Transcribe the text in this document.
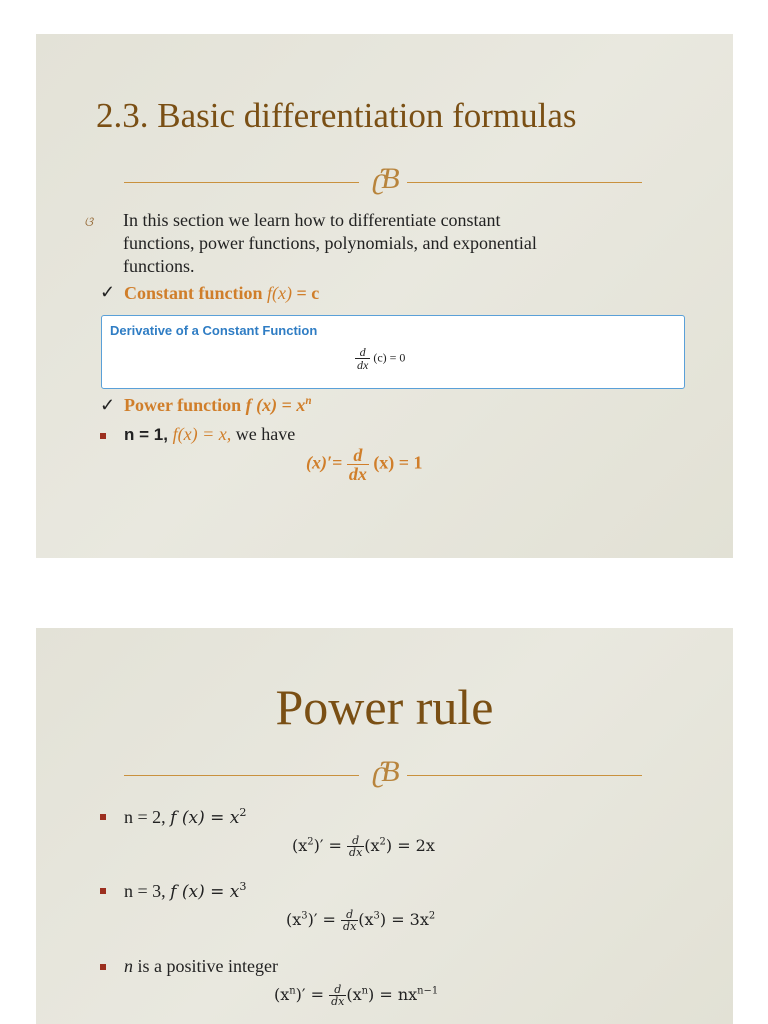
2.3. Basic differentiation formulas
ʗƁ
ଓ In this section we learn how to differentiate constant
functions, power functions, polynomials, and exponential
functions.
✓ Constant function f(x) = c
Derivative of a Constant Function
$\frac{d}{dx} (c) = 0$
✓ Power function f $(x) = x^n$
n = 1, f(x) = x, we have
$(x)'= \frac{d}{dx} (x) = 1$
Power rule
ʗƁ
n = 2, f $(x) = x^2$
$(x^2)' = \frac{d}{dx} (x^2) = 2x$
n = 3, f $(x) = x^3$
$(x^3)' = \frac{d}{dx} (x^3) = 3x^2$
n is a positive integer
$(x^n)' = \frac{d}{dx} (x^n) = nx^{n-1}$
